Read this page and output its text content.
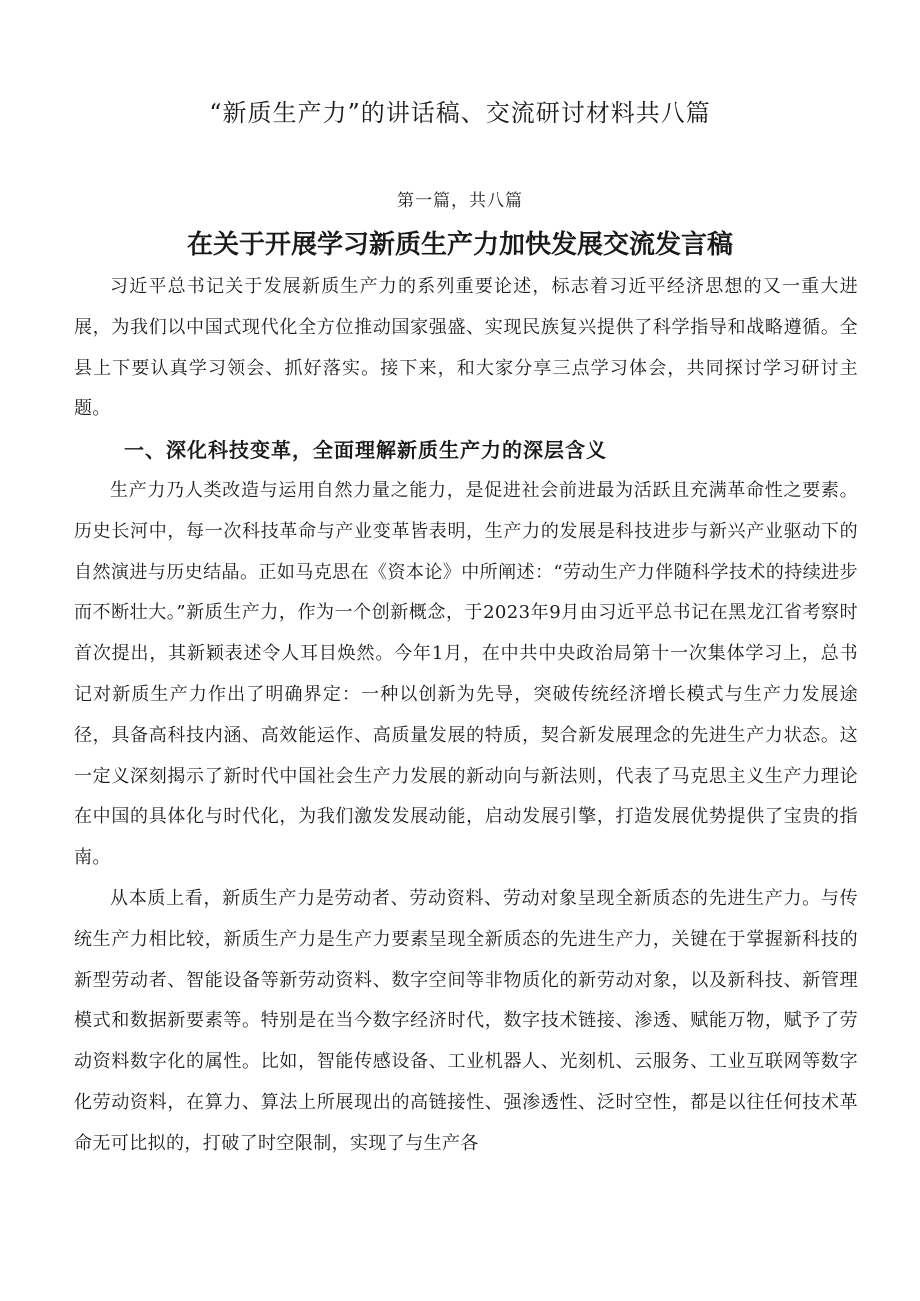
“新质生产力”的讲话稿、交流研讨材料共八篇
第一篇，共八篇
在关于开展学习新质生产力加快发展交流发言稿

习近平总书记关于发展新质生产力的系列重要论述，标志着习近平经济思想的又一重大进展，为我们以中国式现代化全方位推动国家强盛、实现民族复兴提供了科学指导和战略遵循。全县上下要认真学习领会、抓好落实。接下来，和大家分享三点学习体会，共同探讨学习研讨主题。

一、深化科技变革，全面理解新质生产力的深层含义

生产力乃人类改造与运用自然力量之能力，是促进社会前进最为活跃且充满革命性之要素。历史长河中，每一次科技革命与产业变革皆表明，生产力的发展是科技进步与新兴产业驱动下的自然演进与历史结晶。正如马克思在《资本论》中所阐述：“劳动生产力伴随科学技术的持续进步而不断壮大。”新质生产力，作为一个创新概念，于2023年9月由习近平总书记在黑龙江省考察时首次提出，其新颖表述令人耳目焕然。今年1月，在中共中央政治局第十一次集体学习上，总书记对新质生产力作出了明确界定：一种以创新为先导，突破传统经济增长模式与生产力发展途径，具备高科技内涵、高效能运作、高质量发展的特质，契合新发展理念的先进生产力状态。这一定义深刻揭示了新时代中国社会生产力发展的新动向与新法则，代表了马克思主义生产力理论在中国的具体化与时代化，为我们激发发展动能，启动发展引擎，打造发展优势提供了宝贵的指南。

从本质上看，新质生产力是劳动者、劳动资料、劳动对象呈现全新质态的先进生产力。与传统生产力相比较，新质生产力是生产力要素呈现全新质态的先进生产力，关键在于掌握新科技的新型劳动者、智能设备等新劳动资料、数字空间等非物质化的新劳动对象，以及新科技、新管理模式和数据新要素等。特别是在当今数字经济时代，数字技术链接、渗透、赋能万物，赋予了劳动资料数字化的属性。比如，智能传感设备、工业机器人、光刻机、云服务、工业互联网等数字化劳动资料，在算力、算法上所展现出的高链接性、强渗透性、泛时空性，都是以往任何技术革命无可比拟的，打破了时空限制，实现了与生产各
